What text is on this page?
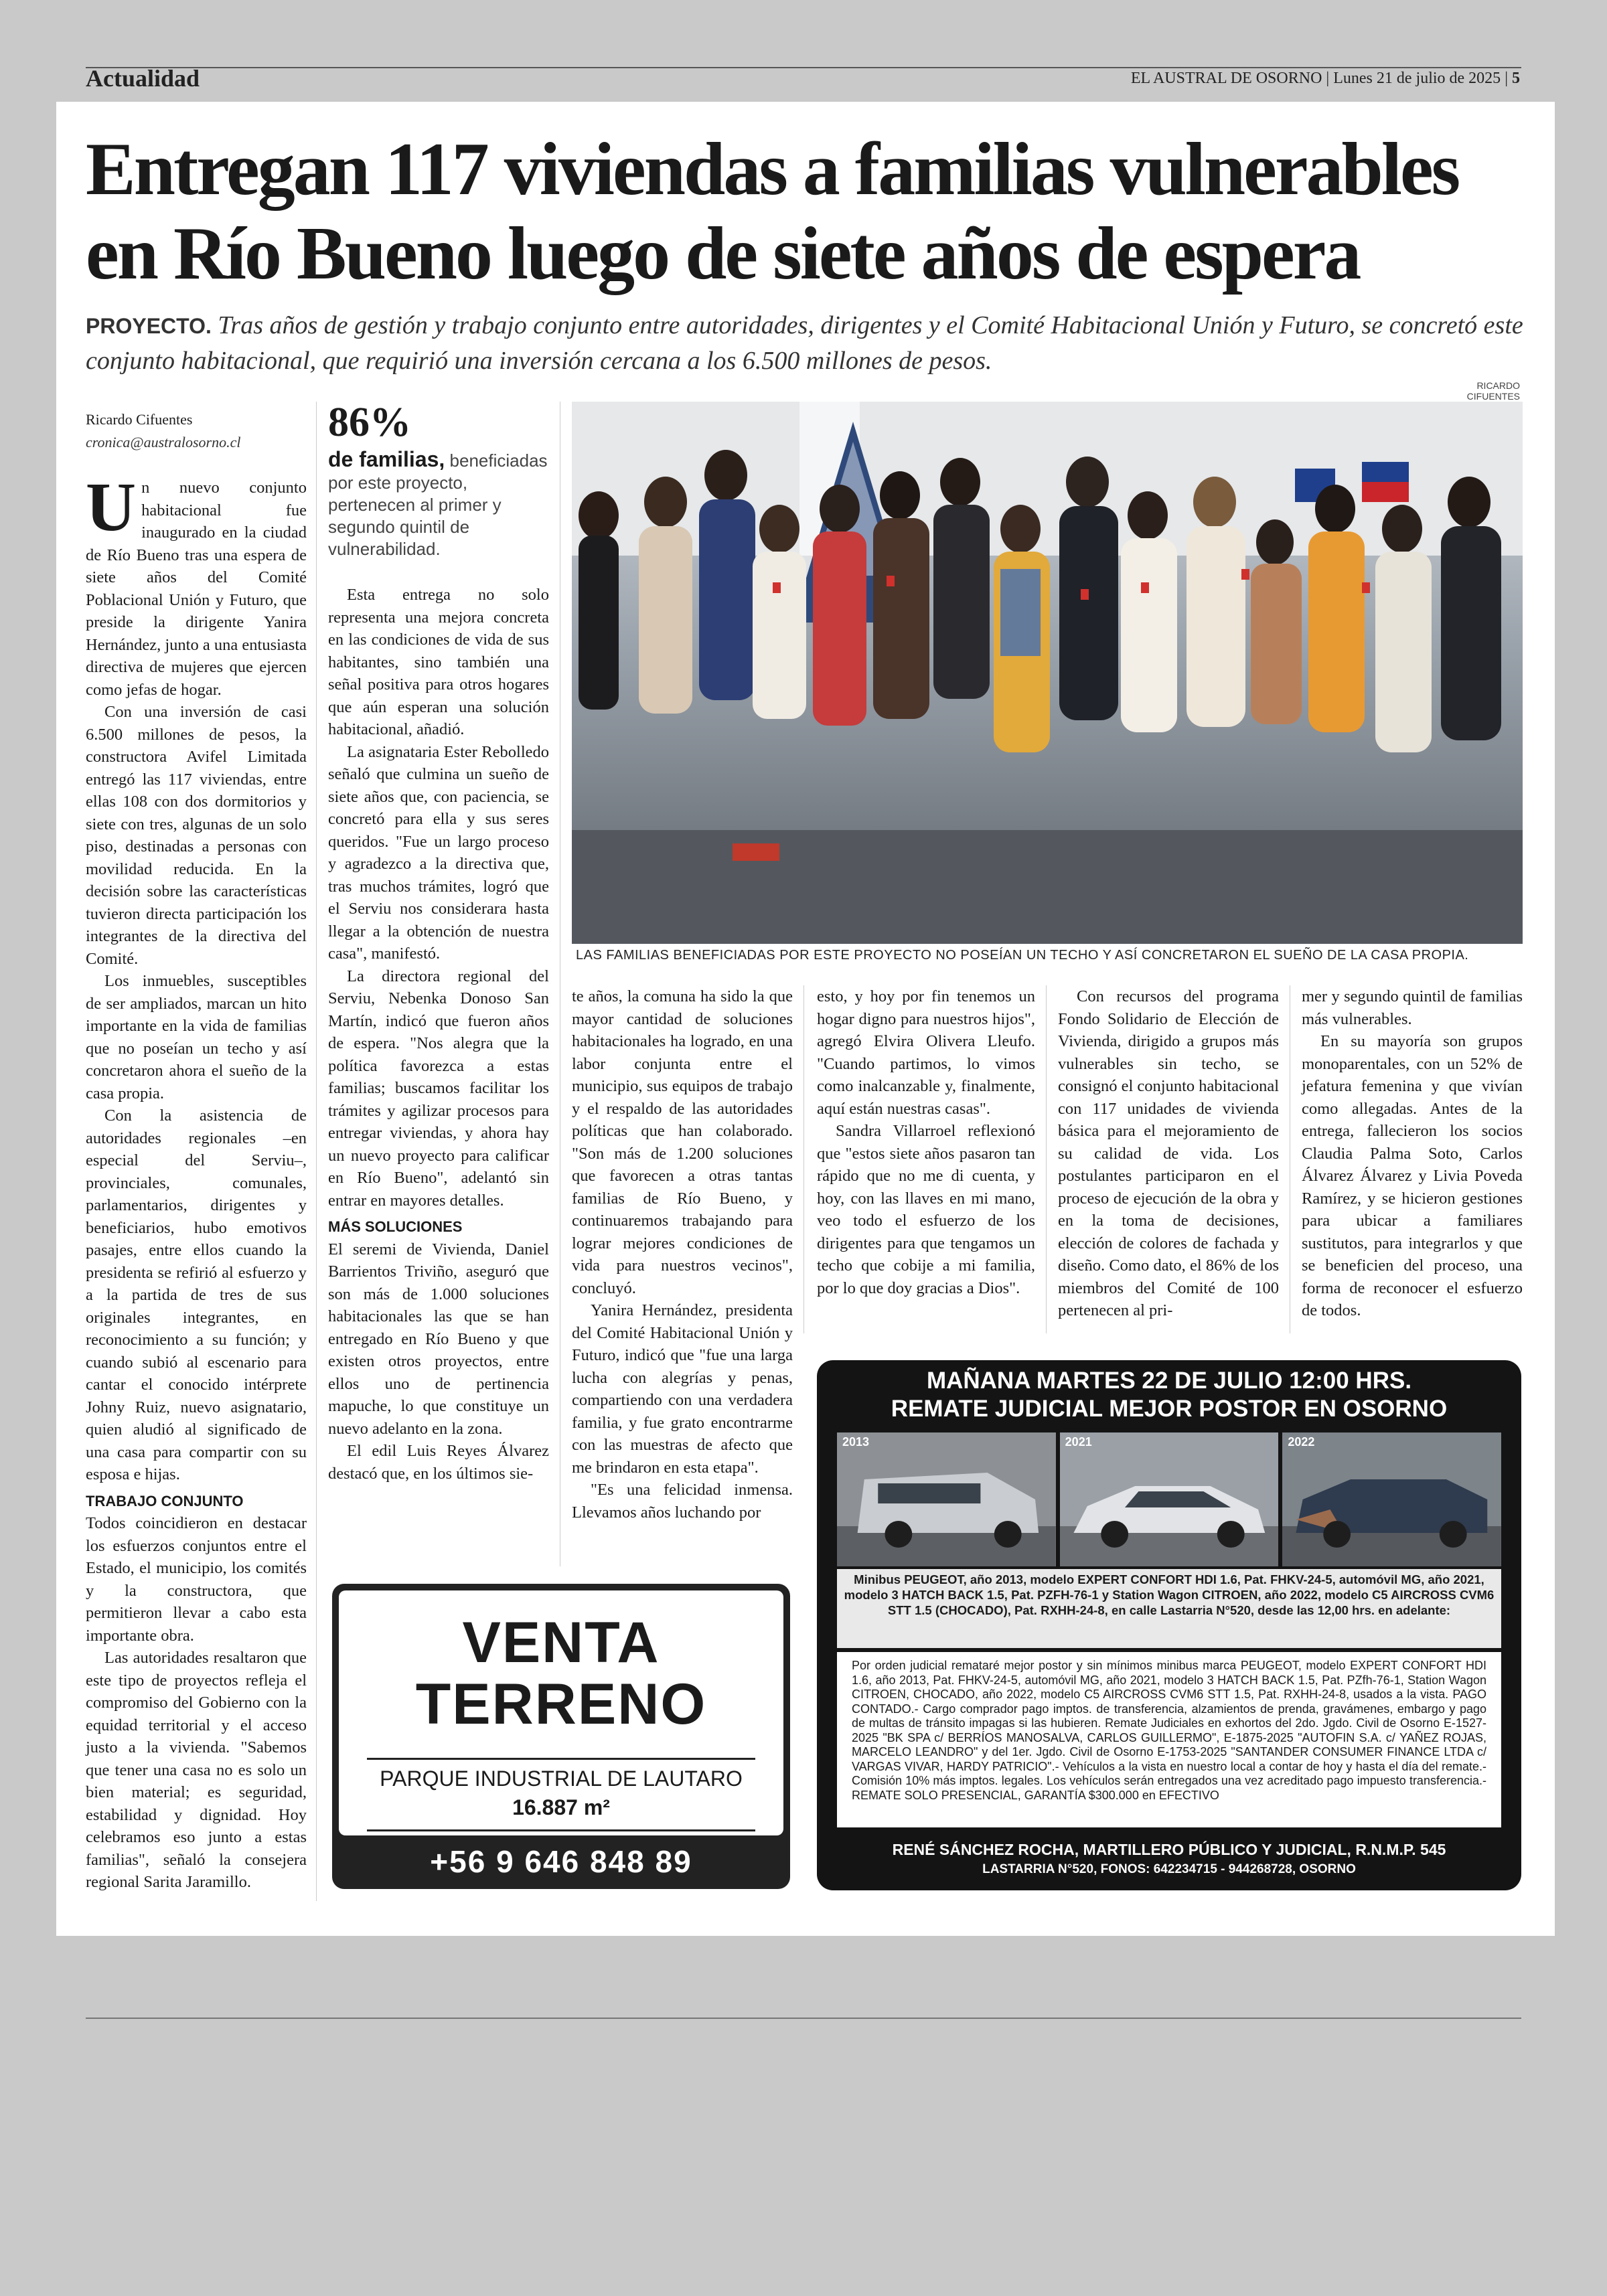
Actualidad	EL AUSTRAL DE OSORNO | Lunes 21 de julio de 2025 | 5
Entregan 117 viviendas a familias vulnerables en Río Bueno luego de siete años de espera
PROYECTO. Tras años de gestión y trabajo conjunto entre autoridades, dirigentes y el Comité Habitacional Unión y Futuro, se concretó este conjunto habitacional, que requirió una inversión cercana a los 6.500 millones de pesos.
RICARDO CIFUENTES
Ricardo Cifuentes
cronica@australosorno.cl

Un nuevo conjunto habitacional fue inaugurado en la ciudad de Río Bueno tras una espera de siete años del Comité Poblacional Unión y Futuro, que preside la dirigente Yanira Hernández, junto a una entusiasta directiva de mujeres que ejercen como jefas de hogar.

Con una inversión de casi 6.500 millones de pesos, la constructora Avifel Limitada entregó las 117 viviendas, entre ellas 108 con dos dormitorios y siete con tres, algunas de un solo piso, destinadas a personas con movilidad reducida. En la decisión sobre las características tuvieron directa participación los integrantes de la directiva del Comité.

Los inmuebles, susceptibles de ser ampliados, marcan un hito importante en la vida de familias que no poseían un techo y así concretaron ahora el sueño de la casa propia.

Con la asistencia de autoridades regionales –en especial del Serviu–, provinciales, comunales, parlamentarios, dirigentes y beneficiarios, hubo emotivos pasajes, entre ellos cuando la presidenta se refirió al esfuerzo y a la partida de tres de sus originales integrantes, en reconocimiento a su función; y cuando subió al escenario para cantar el conocido intérprete Johny Ruiz, nuevo asignatario, quien aludió al significado de una casa para compartir con su esposa e hijas.

TRABAJO CONJUNTO

Todos coincidieron en destacar los esfuerzos conjuntos entre el Estado, el municipio, los comités y la constructora, que permitieron llevar a cabo esta importante obra.

Las autoridades resaltaron que este tipo de proyectos refleja el compromiso del Gobierno con la equidad territorial y el acceso justo a la vivienda. "Sabemos que tener una casa no es solo un bien material; es seguridad, estabilidad y dignidad. Hoy celebramos eso junto a estas familias", señaló la consejera regional Sarita Jaramillo.

86%
de familias, beneficiadas por este proyecto, pertenecen al primer y segundo quintil de vulnerabilidad.

Esta entrega no solo representa una mejora concreta en las condiciones de vida de sus habitantes, sino también una señal positiva para otros hogares que aún esperan una solución habitacional, añadió.

La asignataria Ester Rebolledo señaló que culmina un sueño de siete años que, con paciencia, se concretó para ella y sus seres queridos. "Fue un largo proceso y agradezco a la directiva que, tras muchos trámites, logró que el Serviu nos considerara hasta llegar a la obtención de nuestra casa", manifestó.

La directora regional del Serviu, Nebenka Donoso San Martín, indicó que fueron años de espera. "Nos alegra que la política favorezca a estas familias; buscamos facilitar los trámites y agilizar procesos para entregar viviendas, y ahora hay un nuevo proyecto para calificar en Río Bueno", adelantó sin entrar en mayores detalles.

MÁS SOLUCIONES

El seremi de Vivienda, Daniel Barrientos Triviño, aseguró que son más de 1.000 soluciones habitacionales las que se han entregado en Río Bueno y que existen otros proyectos, entre ellos uno de pertinencia mapuche, lo que constituye un nuevo adelanto en la zona.

El edil Luis Reyes Álvarez destacó que, en los últimos sie-

LAS FAMILIAS BENEFICIADAS POR ESTE PROYECTO NO POSEÍAN UN TECHO Y ASÍ CONCRETARON EL SUEÑO DE LA CASA PROPIA.

te años, la comuna ha sido la que mayor cantidad de soluciones habitacionales ha logrado, en una labor conjunta entre el municipio, sus equipos de trabajo y el respaldo de las autoridades políticas que han colaborado. "Son más de 1.200 soluciones que favorecen a otras tantas familias de Río Bueno, y continuaremos trabajando para lograr mejores condiciones de vida para nuestros vecinos", concluyó.

Yanira Hernández, presidenta del Comité Habitacional Unión y Futuro, indicó que "fue una larga lucha con alegrías y penas, compartiendo con una verdadera familia, y fue grato encontrarme con las muestras de afecto que me brindaron en esta etapa".

"Es una felicidad inmensa. Llevamos años luchando por

esto, y hoy por fin tenemos un hogar digno para nuestros hijos", agregó Elvira Olivera Lleufo. "Cuando partimos, lo vimos como inalcanzable y, finalmente, aquí están nuestras casas".

Sandra Villarroel reflexionó que "estos siete años pasaron tan rápido que no me di cuenta, y hoy, con las llaves en mi mano, veo todo el esfuerzo de los dirigentes para que tengamos un techo que cobije a mi familia, por lo que doy gracias a Dios".

Con recursos del programa Fondo Solidario de Elección de Vivienda, dirigido a grupos más vulnerables sin techo, se consignó el conjunto habitacional con 117 unidades de vivienda básica para el mejoramiento de su calidad de vida. Los postulantes participaron en el proceso de ejecución de la obra y en la toma de decisiones, elección de colores de fachada y diseño. Como dato, el 86% de los miembros del Comité de 100 pertenecen al pri-

mer y segundo quintil de familias más vulnerables.

En su mayoría son grupos monoparentales, con un 52% de jefatura femenina y que vivían como allegadas. Antes de la entrega, fallecieron los socios Claudia Palma Soto, Carlos Álvarez Álvarez y Livia Poveda Ramírez, y se hicieron gestiones para ubicar a familiares sustitutos, para integrarlos y que se beneficien del proceso, una forma de reconocer el esfuerzo de todos.

VENTA
TERRENO
PARQUE INDUSTRIAL DE LAUTARO
16.887 m²
+56 9 646 848 89
MAÑANA MARTES 22 DE JULIO 12:00 HRS.
REMATE JUDICIAL MEJOR POSTOR EN OSORNO
2013	2021	2022
Minibus PEUGEOT, año 2013, modelo EXPERT CONFORT HDI 1.6, Pat. FHKV-24-5, automóvil MG, año 2021, modelo 3 HATCH BACK 1.5, Pat. PZFH-76-1 y Station Wagon CITROEN, año 2022, modelo C5 AIRCROSS CVM6 STT 1.5 (CHOCADO), Pat. RXHH-24-8, en calle Lastarria N°520, desde las 12,00 hrs. en adelante:
Por orden judicial remataré mejor postor y sin mínimos minibus marca PEUGEOT, modelo EXPERT CONFORT HDI 1.6, año 2013, Pat. FHKV-24-5, automóvil MG, año 2021, modelo 3 HATCH BACK 1.5, Pat. PZfh-76-1, Station Wagon CITROEN, CHOCADO, año 2022, modelo C5 AIRCROSS CVM6 STT 1.5, Pat. RXHH-24-8, usados a la vista. PAGO CONTADO.- Cargo comprador pago imptos. de transferencia, alzamientos de prenda, gravámenes, embargo y pago de multas de tránsito impagas si las hubieren. Remate Judiciales en exhortos del 2do. Jgdo. Civil de Osorno E-1527-2025 "BK SPA c/ BERRÍOS MANOSALVA, CARLOS GUILLERMO", E-1875-2025 "AUTOFIN S.A. c/ YAÑEZ ROJAS, MARCELO LEANDRO" y del 1er. Jgdo. Civil de Osorno E-1753-2025 "SANTANDER CONSUMER FINANCE LTDA c/ VARGAS VIVAR, HARDY PATRICIO".- Vehículos a la vista en nuestro local a contar de hoy y hasta el día del remate.- Comisión 10% más imptos. legales. Los vehículos serán entregados una vez acreditado pago impuesto transferencia.- REMATE SOLO PRESENCIAL, GARANTÍA $300.000 en EFECTIVO
RENÉ SÁNCHEZ ROCHA, MARTILLERO PÚBLICO Y JUDICIAL, R.N.M.P. 545
LASTARRIA N°520, FONOS: 642234715 - 944268728, OSORNO
